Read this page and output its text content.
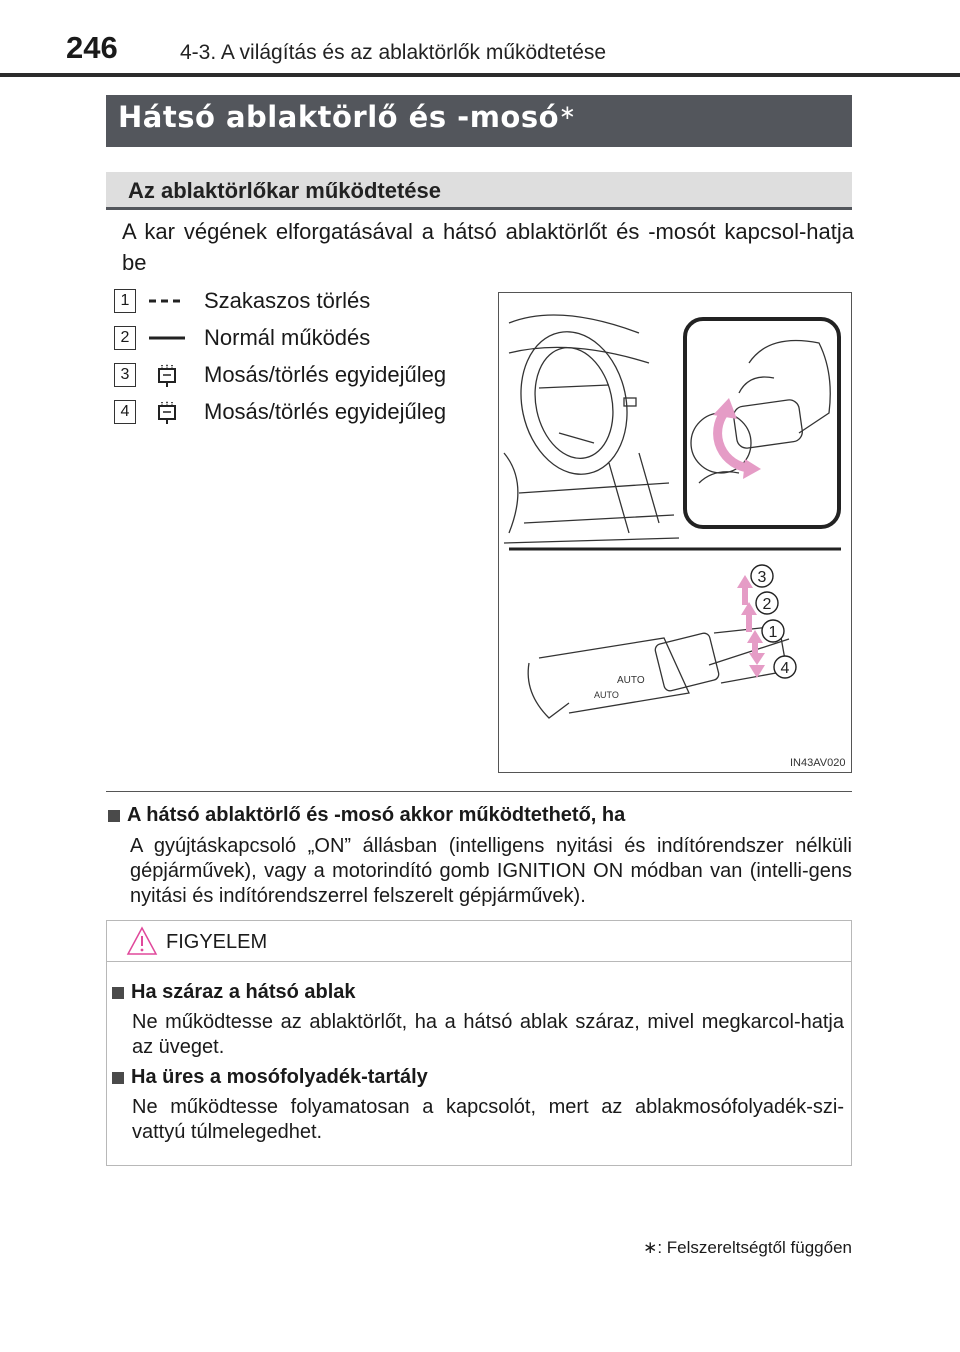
246	4-3. A világítás és az ablaktörlők működtetése
Hátsó ablaktörlő és -mosó∗
Az ablaktörlőkar működtetése
A kar végének elforgatásával a hátsó ablaktörlőt és -mosót kapcsol-hatja be
1	Szakaszos törlés
2	Normál működés
3	Mosás/törlés egyidejűleg
4	Mosás/törlés egyidejűleg
AUTO
AUTO
3
2
1
4
IN43AV020
A hátsó ablaktörlő és -mosó akkor működtethető, ha
A gyújtáskapcsoló „ON” állásban (intelligens nyitási és indítórendszer nélküli gépjárművek), vagy a motorindító gomb IGNITION ON módban van (intelli-gens nyitási és indítórendszerrel felszerelt gépjárművek).
FIGYELEM
Ha száraz a hátsó ablak
Ne működtesse az ablaktörlőt, ha a hátsó ablak száraz, mivel megkarcol-hatja az üveget.
Ha üres a mosófolyadék-tartály
Ne működtesse folyamatosan a kapcsolót, mert az ablakmosófolyadék-szi-vattyú túlmelegedhet.
∗: Felszereltségtől függően
